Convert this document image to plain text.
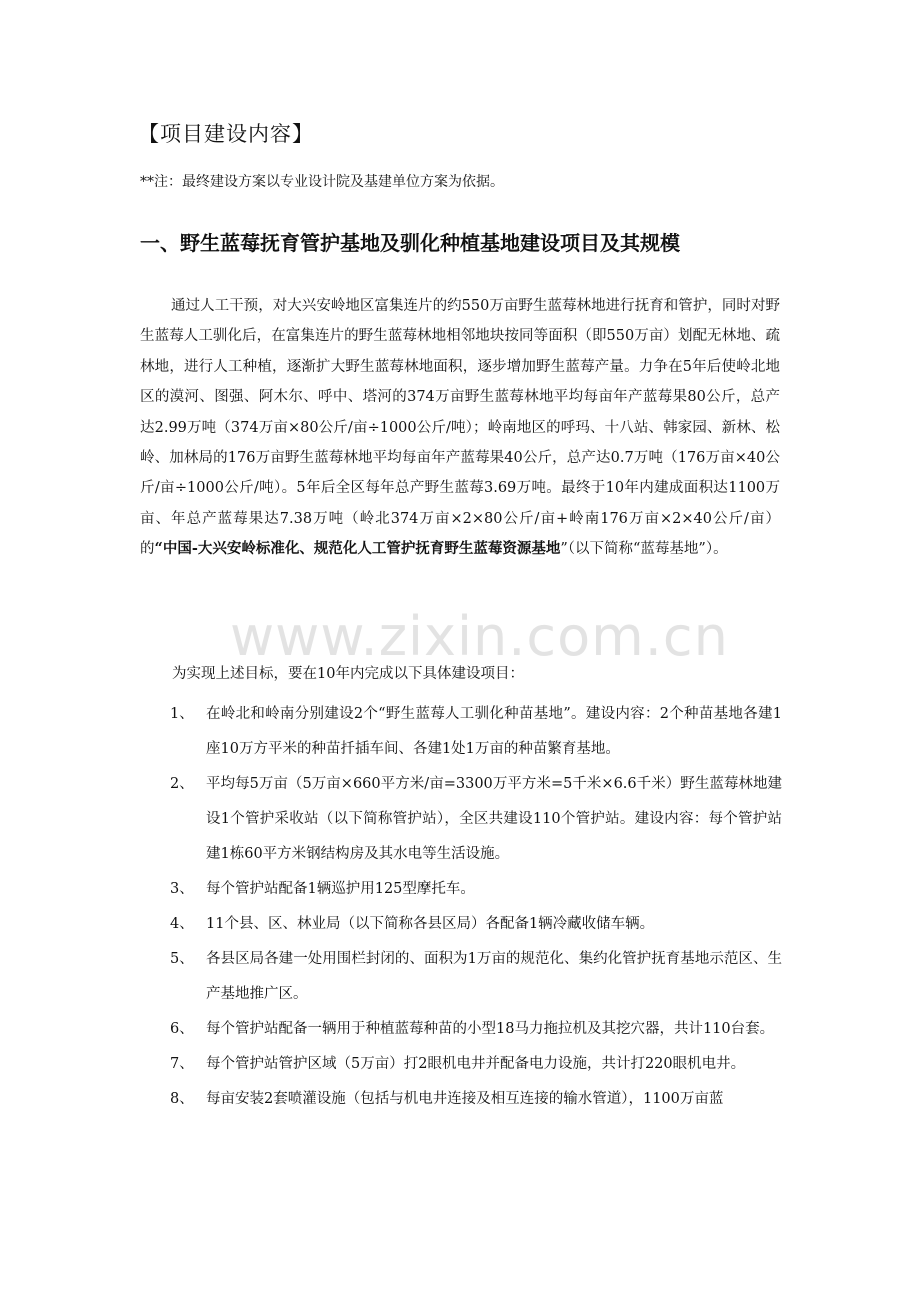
【项目建设内容】

**注：最终建设方案以专业设计院及基建单位方案为依据。

一、野生蓝莓抚育管护基地及驯化种植基地建设项目及其规模

通过人工干预，对大兴安岭地区富集连片的约550万亩野生蓝莓林地进行抚育和管护，同时对野生蓝莓人工驯化后，在富集连片的野生蓝莓林地相邻地块按同等面积（即550万亩）划配无林地、疏林地，进行人工种植，逐渐扩大野生蓝莓林地面积，逐步增加野生蓝莓产量。力争在5年后使岭北地区的漠河、图强、阿木尔、呼中、塔河的374万亩野生蓝莓林地平均每亩年产蓝莓果80公斤，总产达2.99万吨（374万亩×80公斤/亩÷1000公斤/吨）；岭南地区的呼玛、十八站、韩家园、新林、松岭、加林局的176万亩野生蓝莓林地平均每亩年产蓝莓果40公斤，总产达0.7万吨（176万亩×40公斤/亩÷1000公斤/吨）。5年后全区每年总产野生蓝莓3.69万吨。最终于10年内建成面积达1100万亩、年总产蓝莓果达7.38万吨（岭北374万亩×2×80公斤/亩+岭南176万亩×2×40公斤/亩）的“中国-大兴安岭标准化、规范化人工管护抚育野生蓝莓资源基地”（以下简称“蓝莓基地”）。

www.zixin.com.cn

为实现上述目标，要在10年内完成以下具体建设项目：

1、 在岭北和岭南分别建设2个“野生蓝莓人工驯化种苗基地”。建设内容：2个种苗基地各建1座10万方平米的种苗扦插车间、各建1处1万亩的种苗繁育基地。
2、 平均每5万亩（5万亩×660平方米/亩=3300万平方米=5千米×6.6千米）野生蓝莓林地建设1个管护采收站（以下简称管护站），全区共建设110个管护站。建设内容：每个管护站建1栋60平方米钢结构房及其水电等生活设施。
3、 每个管护站配备1辆巡护用125型摩托车。
4、 11个县、区、林业局（以下简称各县区局）各配备1辆冷藏收储车辆。
5、 各县区局各建一处用围栏封闭的、面积为1万亩的规范化、集约化管护抚育基地示范区、生产基地推广区。
6、 每个管护站配备一辆用于种植蓝莓种苗的小型18马力拖拉机及其挖穴器，共计110台套。
7、 每个管护站管护区域（5万亩）打2眼机电井并配备电力设施，共计打220眼机电井。
8、 每亩安装2套喷灌设施（包括与机电井连接及相互连接的输水管道），1100万亩蓝
